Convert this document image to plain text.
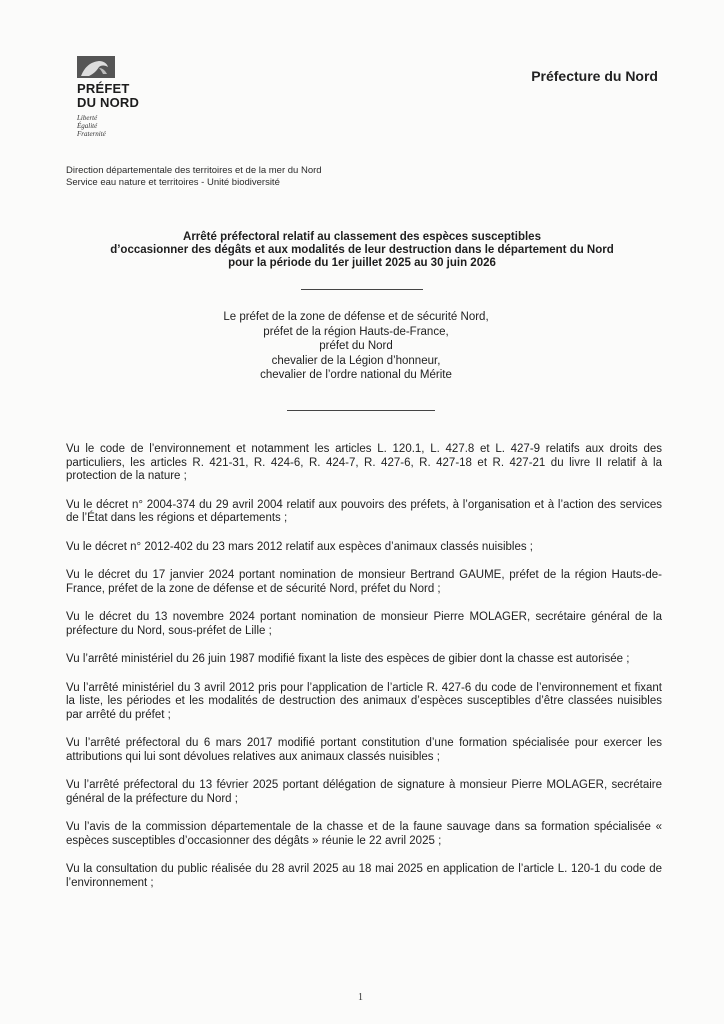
PRÉFET
DU NORD
Liberté
Égalité
Fraternité
Préfecture du Nord
Direction départementale des territoires et de la mer du Nord
Service eau nature et territoires - Unité biodiversité
Arrêté préfectoral relatif au classement des espèces susceptibles
d’occasionner des dégâts et aux modalités de leur destruction dans le département du Nord
pour la période du 1er juillet 2025 au 30 juin 2026
Le préfet de la zone de défense et de sécurité Nord,
préfet de la région Hauts-de-France,
préfet du Nord
chevalier de la Légion d’honneur,
chevalier de l’ordre national du Mérite

Vu le code de l’environnement et notamment les articles L. 120.1, L. 427.8 et L. 427-9 relatifs aux droits des particuliers, les articles R. 421-31, R. 424-6, R. 424-7, R. 427-6, R. 427-18 et R. 427-21 du livre II relatif à la protection de la nature ;

Vu le décret n° 2004-374 du 29 avril 2004 relatif aux pouvoirs des préfets, à l’organisation et à l’action des services de l’État dans les régions et départements ;

Vu le décret n° 2012-402 du 23 mars 2012 relatif aux espèces d’animaux classés nuisibles ;

Vu le décret du 17 janvier 2024 portant nomination de monsieur Bertrand GAUME, préfet de la région Hauts-de-France, préfet de la zone de défense et de sécurité Nord, préfet du Nord ;

Vu le décret du 13 novembre 2024 portant nomination de monsieur Pierre MOLAGER, secrétaire général de la préfecture du Nord, sous-préfet de Lille ;

Vu l’arrêté ministériel du 26 juin 1987 modifié fixant la liste des espèces de gibier dont la chasse est autorisée ;

Vu l’arrêté ministériel du 3 avril 2012 pris pour l’application de l’article R. 427-6 du code de l’environnement et fixant la liste, les périodes et les modalités de destruction des animaux d’espèces susceptibles d’être classées nuisibles par arrêté du préfet ;

Vu l’arrêté préfectoral du 6 mars 2017 modifié portant constitution d’une formation spécialisée pour exercer les attributions qui lui sont dévolues relatives aux animaux classés nuisibles ;

Vu l’arrêté préfectoral du 13 février 2025 portant délégation de signature à monsieur Pierre MOLAGER, secrétaire général de la préfecture du Nord ;

Vu l’avis de la commission départementale de la chasse et de la faune sauvage dans sa formation spécialisée « espèces susceptibles d’occasionner des dégâts » réunie le 22 avril 2025 ;

Vu la consultation du public réalisée du 28 avril 2025 au 18 mai 2025 en application de l’article L. 120-1 du code de l’environnement ;

1
